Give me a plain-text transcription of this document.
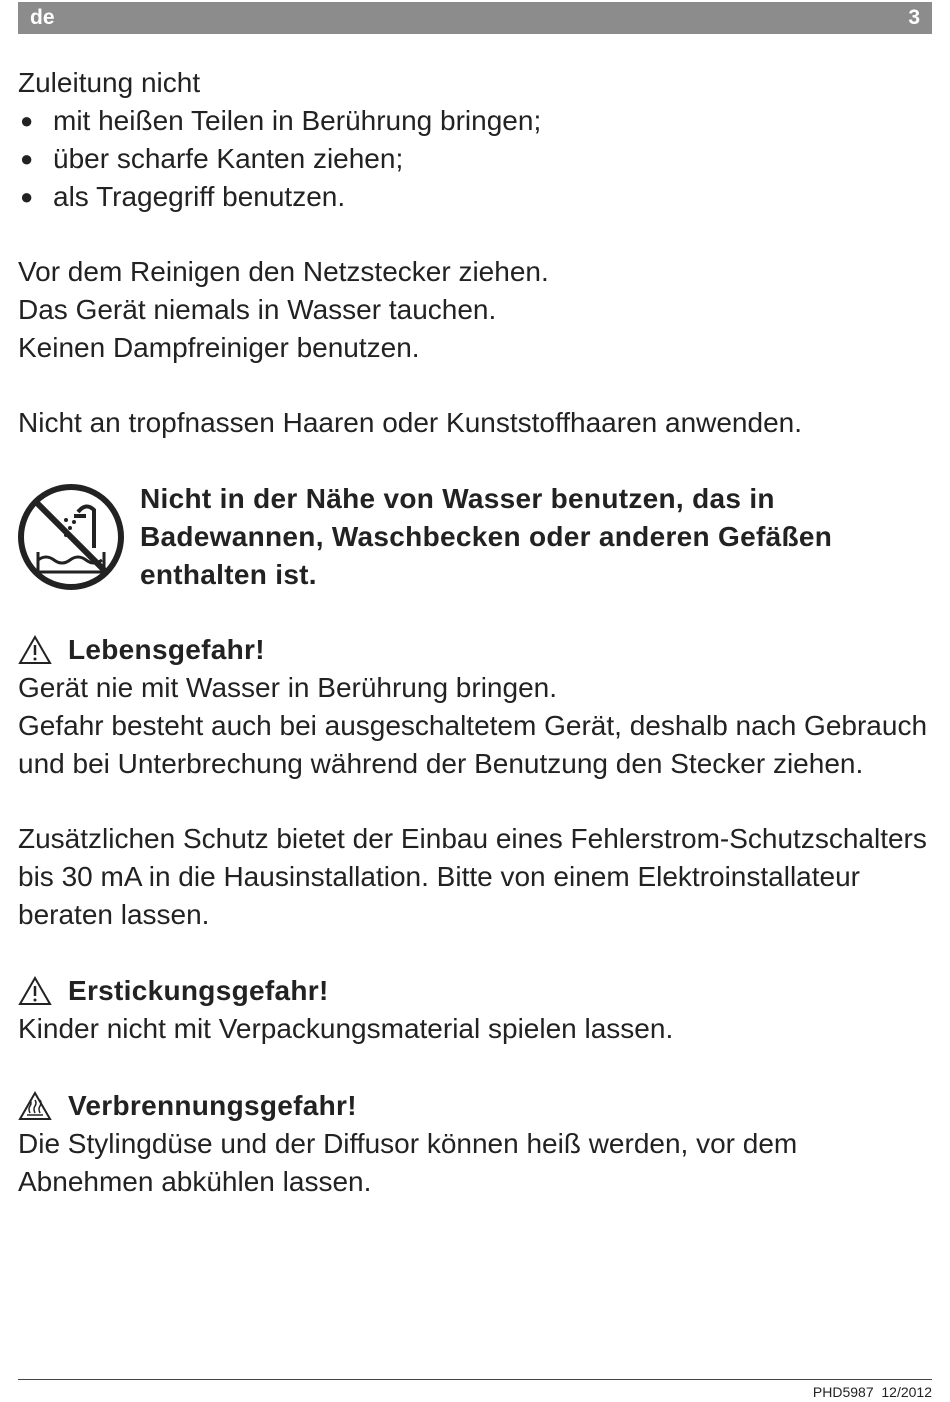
de	3

Zuleitung nicht

● mit heißen Teilen in Berührung bringen;
● über scharfe Kanten ziehen;
● als Tragegriff benutzen.

Vor dem Reinigen den Netzstecker ziehen.

Das Gerät niemals in Wasser tauchen.

Keinen Dampfreiniger benutzen.

Nicht an tropfnassen Haaren oder Kunststoffhaaren anwenden.

Nicht in der Nähe von Wasser benutzen, das in Badewannen, Waschbecken oder anderen Gefäßen enthalten ist.
Lebensgefahr!

Gerät nie mit Wasser in Berührung bringen.

Gefahr besteht auch bei ausgeschaltetem Gerät, deshalb nach Gebrauch und bei Unterbrechung während der Benutzung den Stecker ziehen.

Zusätzlichen Schutz bietet der Einbau eines Fehlerstrom-Schutzschalters bis 30 mA in die Hausinstallation. Bitte von einem Elektroinstallateur beraten lassen.

Erstickungsgefahr!

Kinder nicht mit Verpackungsmaterial spielen lassen.

Verbrennungsgefahr!

Die Stylingdüse und der Diffusor können heiß werden, vor dem Abnehmen abkühlen lassen.

PHD5987  12/2012
